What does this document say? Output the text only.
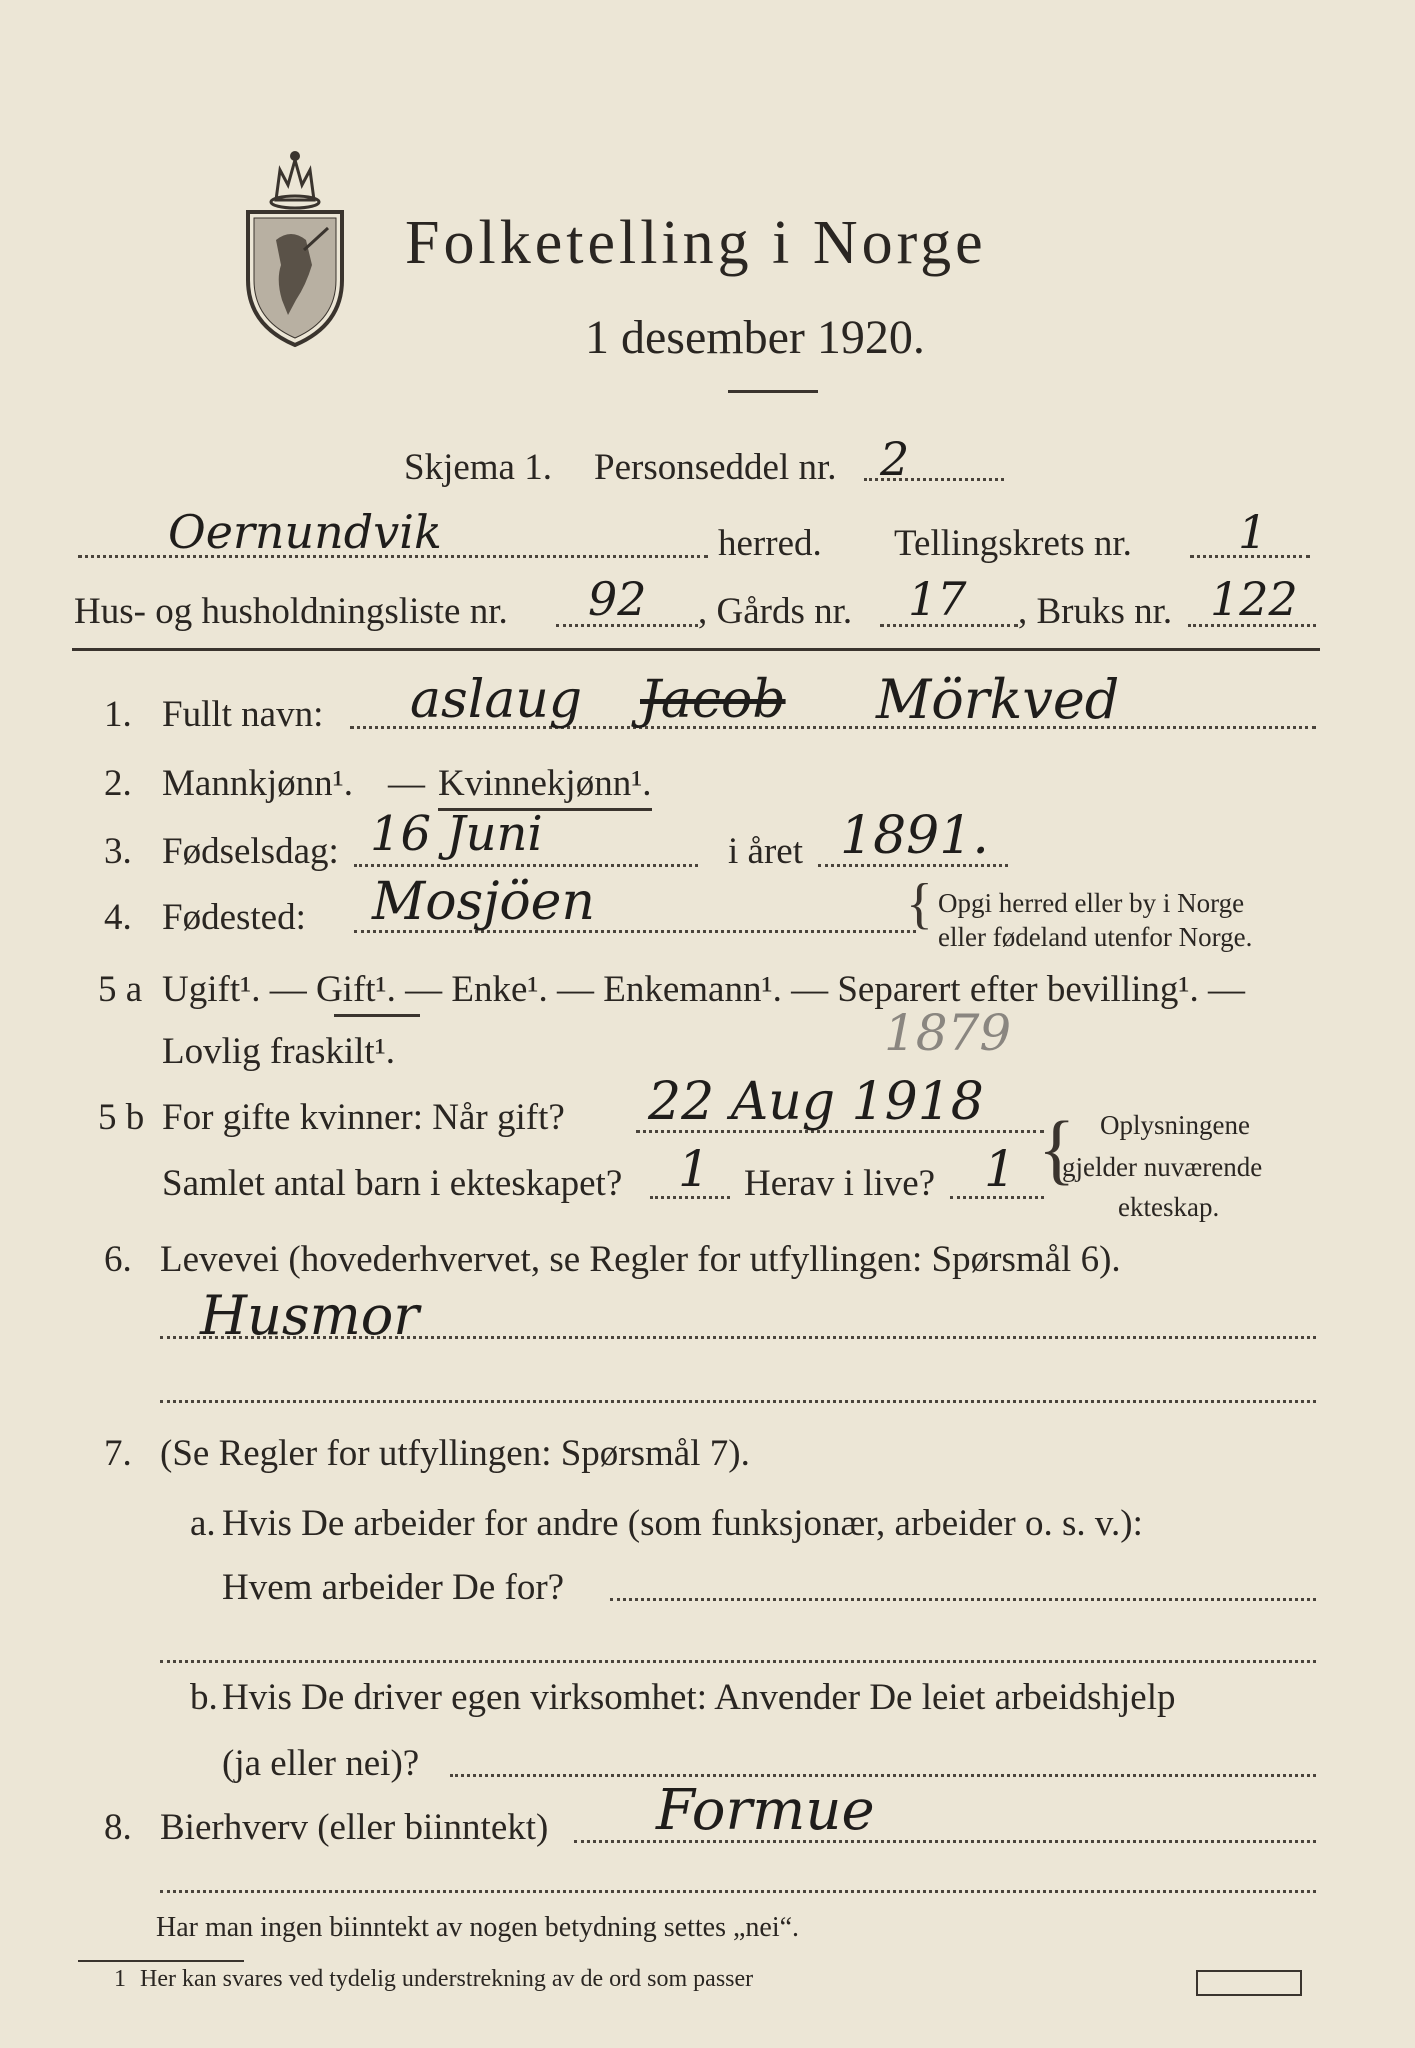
Folketelling i Norge
1 desember 1920.
Skjema 1. Personseddel nr. 2
Oernundvik	herred. Tellingskrets nr. 1
Hus- og husholdningsliste nr. 92 , Gårds nr. 17 , Bruks nr. 122
1. Fullt navn: aslaug Jacob Mörkved
2. Mannkjønn¹. — Kvinnekjønn¹.
3. Fødselsdag: 16 Juni	i året 1891.
4. Fødested: Mosjöen	{ Opgi herred eller by i Norge
eller fødeland utenfor Norge.
5 a Ugift¹. — Gift¹. — Enke¹. — Enkemann¹. — Separert efter bevilling¹. —
Lovlig fraskilt¹.	1879
5 b For gifte kvinner: Når gift? 22 Aug 1918
Samlet antal barn i ekteskapet? 1 Herav i live? 1 { Oplysningene
gjelder nuværende
ekteskap.
6. Levevei (hovederhvervet, se Regler for utfyllingen: Spørsmål 6).
Husmor
7. (Se Regler for utfyllingen: Spørsmål 7).
a. Hvis De arbeider for andre (som funksjonær, arbeider o. s. v.):
Hvem arbeider De for?
b. Hvis De driver egen virksomhet: Anvender De leiet arbeidshjelp
(ja eller nei)?
8. Bierhverv (eller biinntekt) Formue
Har man ingen biinntekt av nogen betydning settes „nei“.
1 Her kan svares ved tydelig understrekning av de ord som passer
